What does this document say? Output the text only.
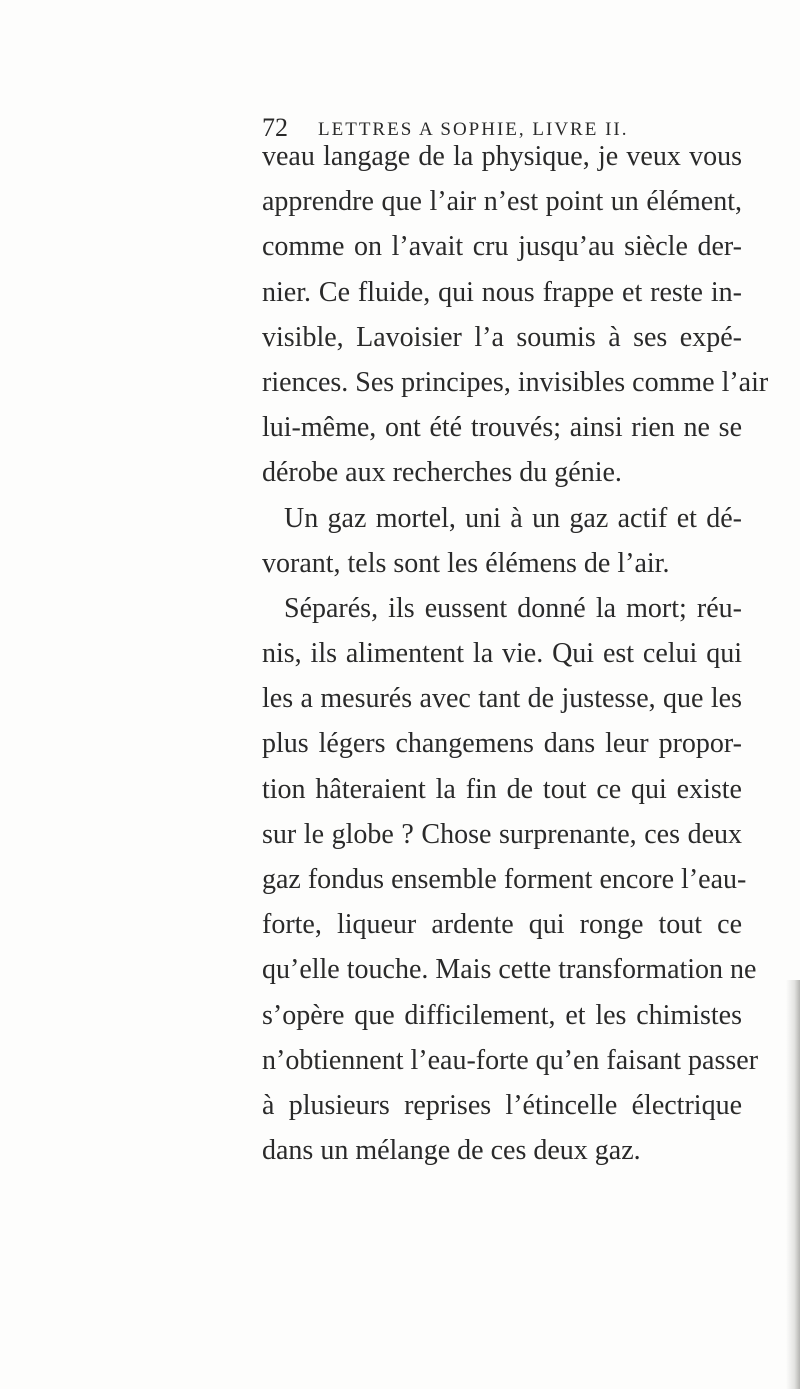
72 LETTRES A SOPHIE, LIVRE II.
veau langage de la physique, je veux vous
apprendre que l’air n’est point un élément,
comme on l’avait cru jusqu’au siècle der-
nier. Ce fluide, qui nous frappe et reste in-
visible, Lavoisier l’a soumis à ses expé-
riences. Ses principes, invisibles comme l’air
lui-même, ont été trouvés; ainsi rien ne se
dérobe aux recherches du génie.
Un gaz mortel, uni à un gaz actif et dé-
vorant, tels sont les élémens de l’air.
Séparés, ils eussent donné la mort; réu-
nis, ils alimentent la vie. Qui est celui qui
les a mesurés avec tant de justesse, que les
plus légers changemens dans leur propor-
tion hâteraient la fin de tout ce qui existe
sur le globe ? Chose surprenante, ces deux
gaz fondus ensemble forment encore l’eau-
forte, liqueur ardente qui ronge tout ce
qu’elle touche. Mais cette transformation ne
s’opère que difficilement, et les chimistes
n’obtiennent l’eau-forte qu’en faisant passer
à plusieurs reprises l’étincelle électrique
dans un mélange de ces deux gaz.
